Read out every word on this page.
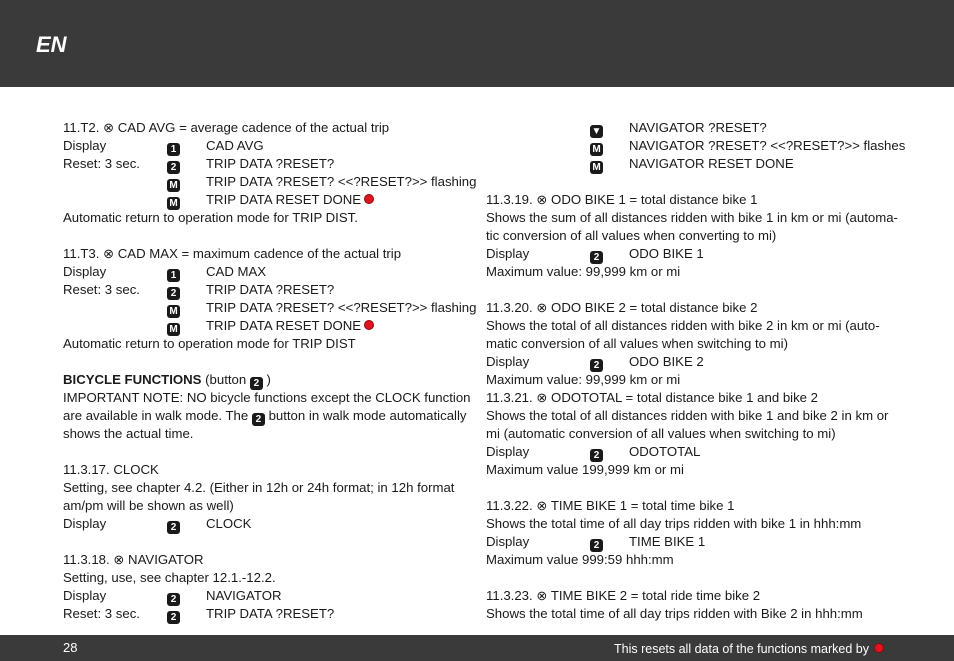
EN
11.T2. ⊗ CAD AVG = average cadence of the actual trip
Display	1 CAD AVG
Reset: 3 sec.	2 TRIP DATA ?RESET?
M TRIP DATA ?RESET? <<?RESET?>> flashing
M TRIP DATA RESET DONE
Automatic return to operation mode for TRIP DIST.
11.T3. ⊗ CAD MAX = maximum cadence of the actual trip
Display	1 CAD MAX
Reset: 3 sec.	2 TRIP DATA ?RESET?
M TRIP DATA ?RESET? <<?RESET?>> flashing
M TRIP DATA RESET DONE
Automatic return to operation mode for TRIP DIST
BICYCLE FUNCTIONS (button 2 )
IMPORTANT NOTE: NO bicycle functions except the CLOCK function
are available in walk mode. The 2 button in walk mode automatically
shows the actual time.
11.3.17. CLOCK
Setting, see chapter 4.2. (Either in 12h or 24h format; in 12h format
am/pm will be shown as well)
Display	2 CLOCK
11.3.18. ⊗ NAVIGATOR
Setting, use, see chapter 12.1.-12.2.
Display	2 NAVIGATOR
Reset: 3 sec.	2 TRIP DATA ?RESET?
▼ NAVIGATOR ?RESET?
M NAVIGATOR ?RESET? <<?RESET?>> flashes
M NAVIGATOR RESET DONE
11.3.19. ⊗ ODO BIKE 1 = total distance bike 1
Shows the sum of all distances ridden with bike 1 in km or mi (automa-
tic conversion of all values when converting to mi)
Display	2 ODO BIKE 1
Maximum value: 99,999 km or mi
11.3.20. ⊗ ODO BIKE 2 = total distance bike 2
Shows the total of all distances ridden with bike 2 in km or mi (auto-
matic conversion of all values when switching to mi)
Display	2 ODO BIKE 2
Maximum value: 99,999 km or mi
11.3.21. ⊗ ODOTOTAL = total distance bike 1 and bike 2
Shows the total of all distances ridden with bike 1 and bike 2 in km or
mi (automatic conversion of all values when switching to mi)
Display	2 ODOTOTAL
Maximum value 199,999 km or mi
11.3.22. ⊗ TIME BIKE 1 = total time bike 1
Shows the total time of all day trips ridden with bike 1 in hhh:mm
Display	2 TIME BIKE 1
Maximum value 999:59 hhh:mm
11.3.23. ⊗ TIME BIKE 2 = total ride time bike 2
Shows the total time of all day trips ridden with Bike 2 in hhh:mm
28	This resets all data of the functions marked by
